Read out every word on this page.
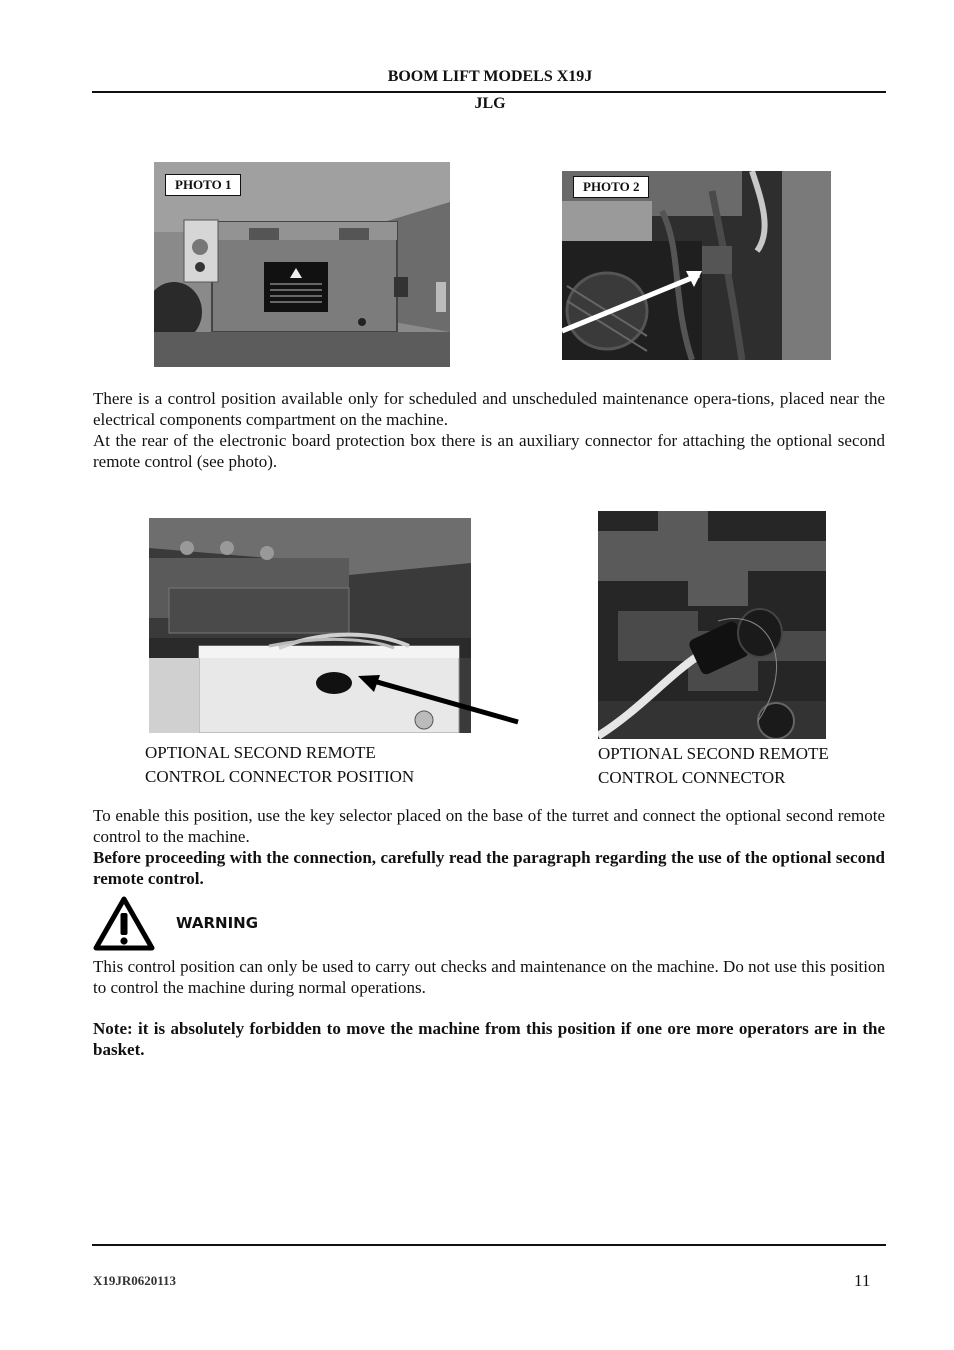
BOOM LIFT MODELS X19J
JLG
PHOTO 1	PHOTO 2

There is a control position available only for scheduled and unscheduled maintenance opera-tions, placed near the electrical components compartment on the machine.

At the rear of the electronic board protection box there is an auxiliary connector for attaching the optional second remote control (see photo).

OPTIONAL SECOND REMOTE
CONTROL CONNECTOR POSITION
OPTIONAL SECOND REMOTE
CONTROL CONNECTOR

To enable this position, use the key selector placed on the base of the turret and connect the optional second remote control to the machine.

Before proceeding with the connection, carefully read the paragraph regarding the use of the optional second remote control.

WARNING

This control position can only be used to carry out checks and maintenance on the machine. Do not use this position to control the machine during normal operations.

Note: it is absolutely forbidden to move the machine from this position if one ore more operators are in the basket.

X19JR0620113	11
